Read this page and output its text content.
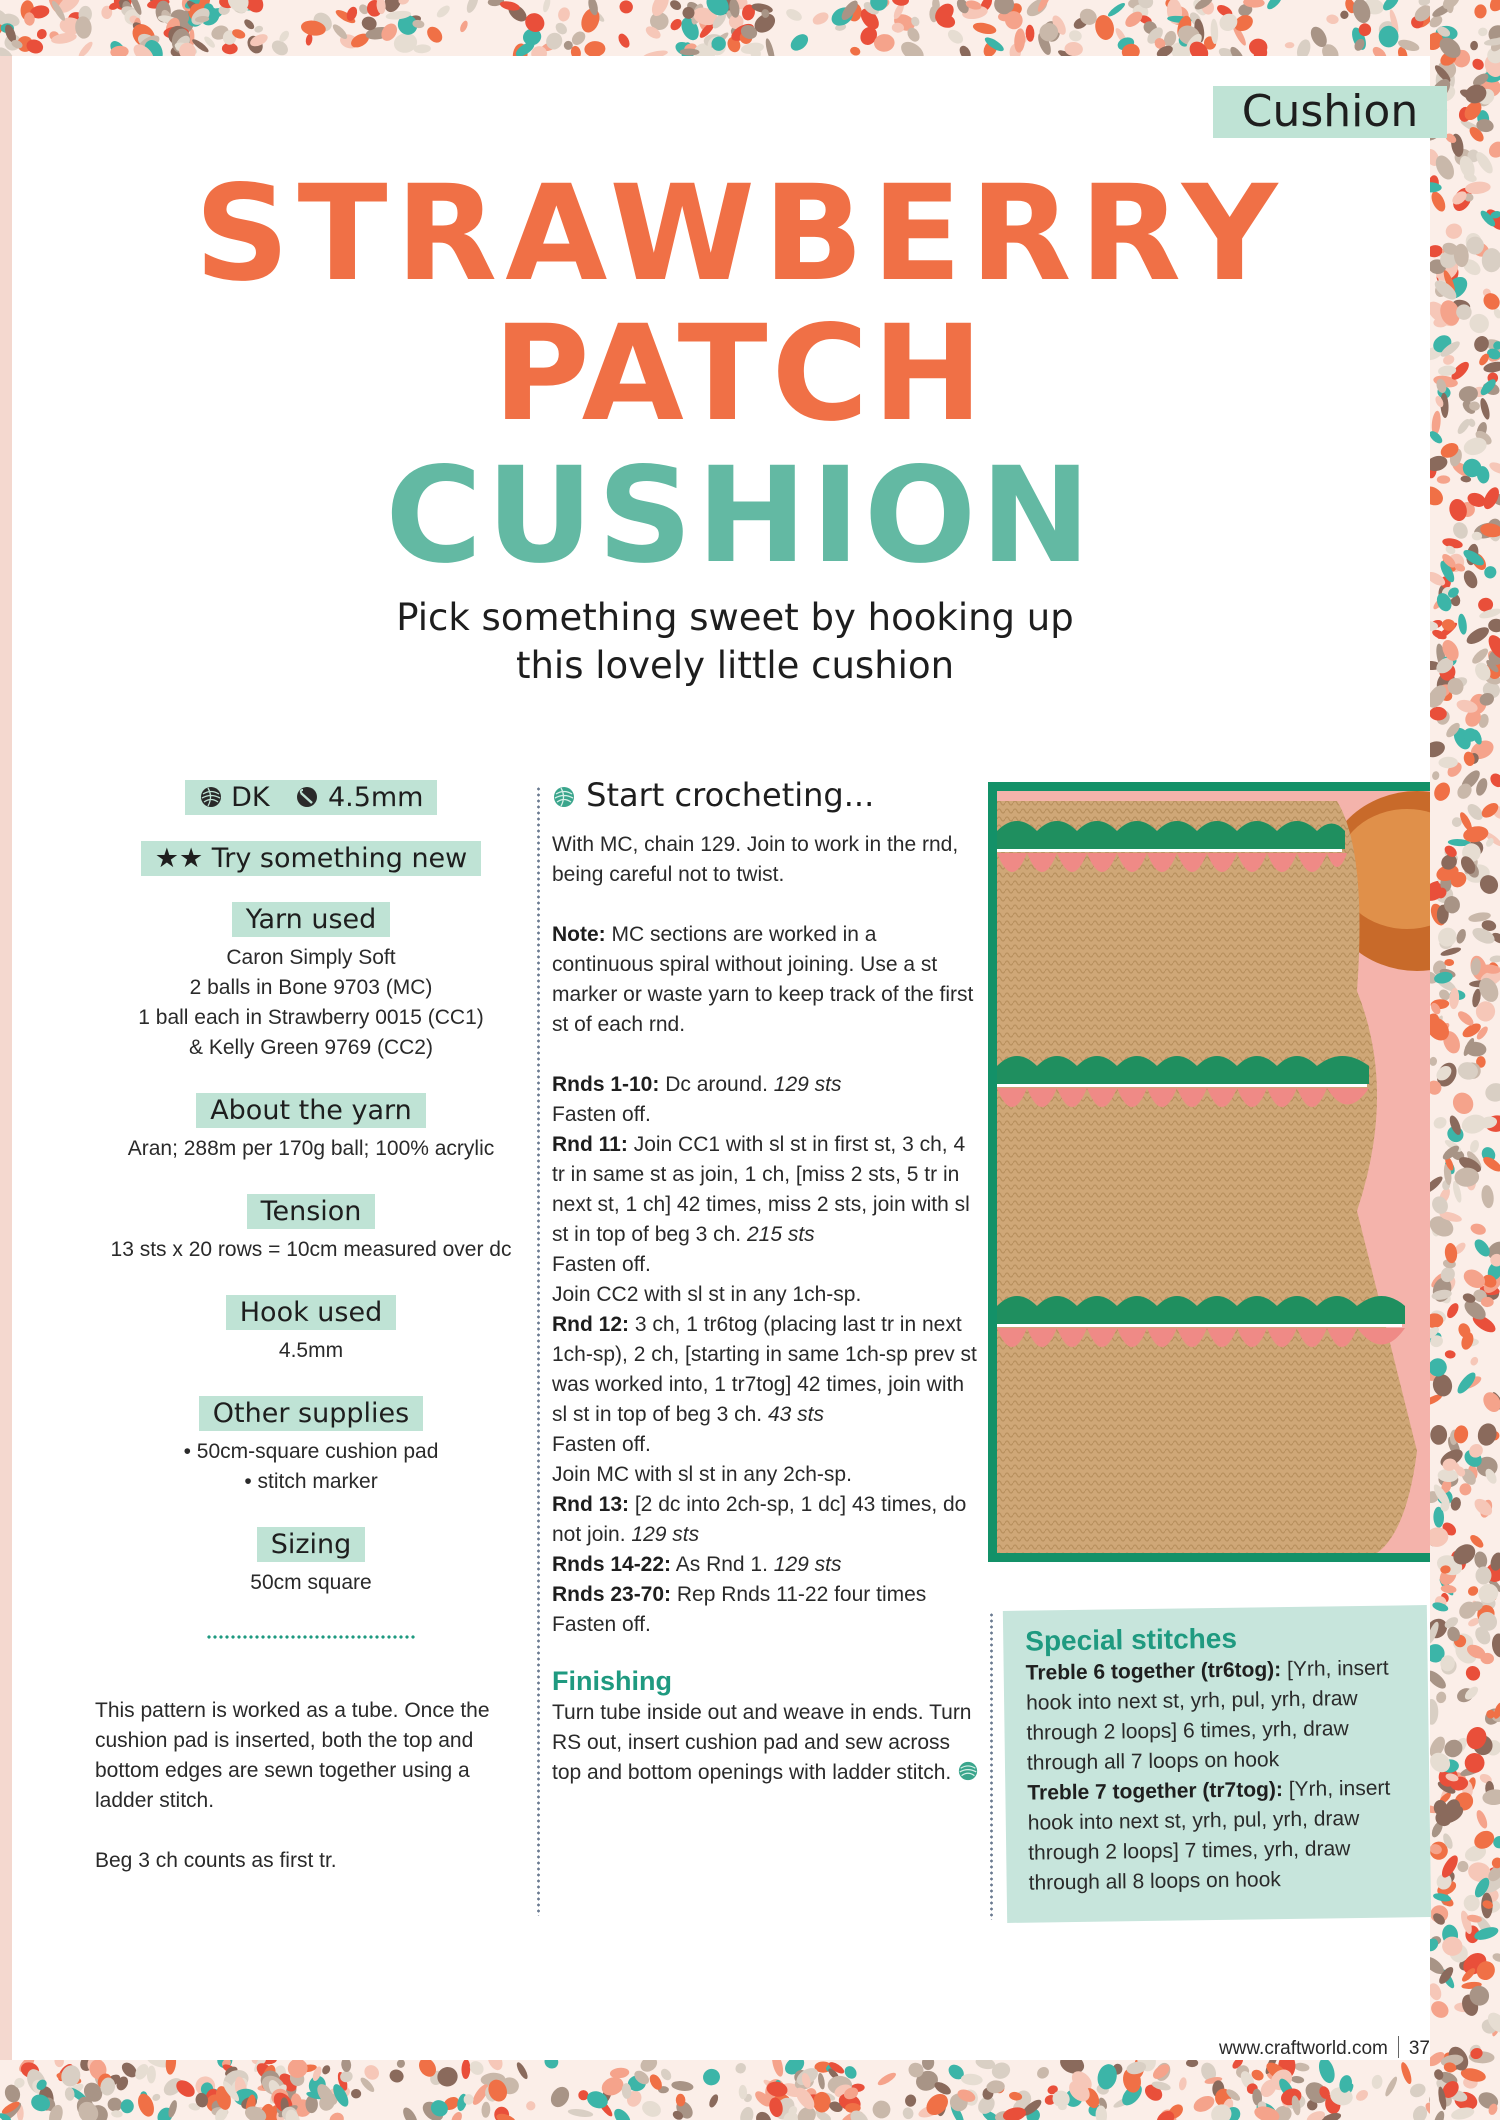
Cushion
STRAWBERRY
PATCH
CUSHION
Pick something sweet by hooking up
this lovely little cushion
DK 4.5mm
★★ Try something new
Yarn used
Caron Simply Soft
2 balls in Bone 9703 (MC)
1 ball each in Strawberry 0015 (CC1)
& Kelly Green 9769 (CC2)
About the yarn
Aran; 288m per 170g ball; 100% acrylic
Tension
13 sts x 20 rows = 10cm measured over dc
Hook used
4.5mm
Other supplies
• 50cm-square cushion pad
• stitch marker
Sizing
50cm square

This pattern is worked as a tube. Once the cushion pad is inserted, both the top and bottom edges are sewn together using a ladder stitch.

Beg 3 ch counts as first tr.

Start crocheting...

With MC, chain 129. Join to work in the rnd, being careful not to twist.

Note: MC sections are worked in a continuous spiral without joining. Use a st marker or waste yarn to keep track of the first st of each rnd.

Rnds 1-10: Dc around. 129 sts

Fasten off.

Rnd 11: Join CC1 with sl st in first st, 3 ch, 4 tr in same st as join, 1 ch, [miss 2 sts, 5 tr in next st, 1 ch] 42 times, miss 2 sts, join with sl st in top of beg 3 ch. 215 sts

Fasten off.

Join CC2 with sl st in any 1ch-sp.

Rnd 12: 3 ch, 1 tr6tog (placing last tr in next 1ch-sp), 2 ch, [starting in same 1ch-sp prev st was worked into, 1 tr7tog] 42 times, join with sl st in top of beg 3 ch. 43 sts

Fasten off.

Join MC with sl st in any 2ch-sp.

Rnd 13: [2 dc into 2ch-sp, 1 dc] 43 times, do not join. 129 sts

Rnds 14-22: As Rnd 1. 129 sts

Rnds 23-70: Rep Rnds 11-22 four times

Fasten off.

Finishing

Turn tube inside out and weave in ends. Turn RS out, insert cushion pad and sew across top and bottom openings with ladder stitch.

Special stitches

Treble 6 together (tr6tog): [Yrh, insert hook into next st, yrh, pul, yrh, draw through 2 loops] 6 times, yrh, draw through all 7 loops on hook

Treble 7 together (tr7tog): [Yrh, insert hook into next st, yrh, pul, yrh, draw through 2 loops] 7 times, yrh, draw through all 8 loops on hook

www.craftworld.com 37
